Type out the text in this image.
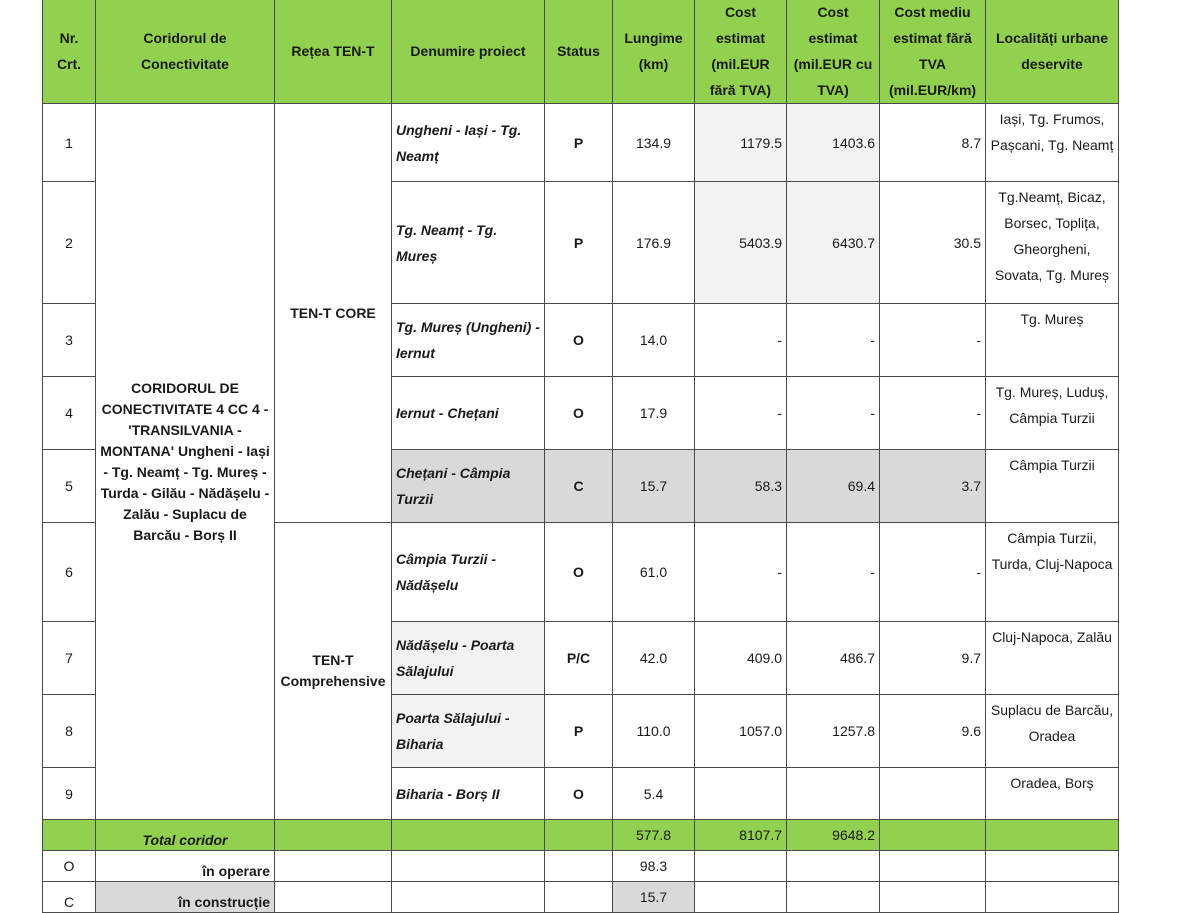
Nr. Crt.	Coridorul de Conectivitate	Rețea TEN-T	Denumire proiect	Status	Lungime (km)	Cost estimat (mil.EUR fără TVA)	Cost estimat (mil.EUR cu TVA)	Cost mediu estimat fără TVA (mil.EUR/km)	Localități urbane deservite
1	CORIDORUL DE CONECTIVITATE 4 CC 4 - 'TRANSILVANIA - MONTANA' Ungheni - Iași - Tg. Neamț - Tg. Mureș - Turda - Gilău - Nădășelu - Zalău - Suplacu de Barcău - Borș II	TEN-T CORE	Ungheni - Iași - Tg. Neamț	P	134.9	1179.5	1403.6	8.7	Iași, Tg. Frumos, Pașcani, Tg. Neamț
2			Tg. Neamț - Tg. Mureș	P	176.9	5403.9	6430.7	30.5	Tg.Neamț, Bicaz, Borsec, Toplița, Gheorgheni, Sovata, Tg. Mureș
3			Tg. Mureș (Ungheni) - Iernut	O	14.0	-	-	-	Tg. Mureș
4			Iernut - Chețani	O	17.9	-	-	-	Tg. Mureș, Luduș, Câmpia Turzii
5			Chețani - Câmpia Turzii	C	15.7	58.3	69.4	3.7	Câmpia Turzii
6		TEN-T Comprehensive	Câmpia Turzii - Nădășelu	O	61.0	-	-	-	Câmpia Turzii, Turda, Cluj-Napoca
7			Nădășelu - Poarta Sălajului	P/C	42.0	409.0	486.7	9.7	Cluj-Napoca, Zalău
8			Poarta Sălajului - Biharia	P	110.0	1057.0	1257.8	9.6	Suplacu de Barcău, Oradea
9			Biharia - Borș II	O	5.4				Oradea, Borș
	Total coridor				577.8	8107.7	9648.2		
O	în operare				98.3				
C	în construcție				15.7				
